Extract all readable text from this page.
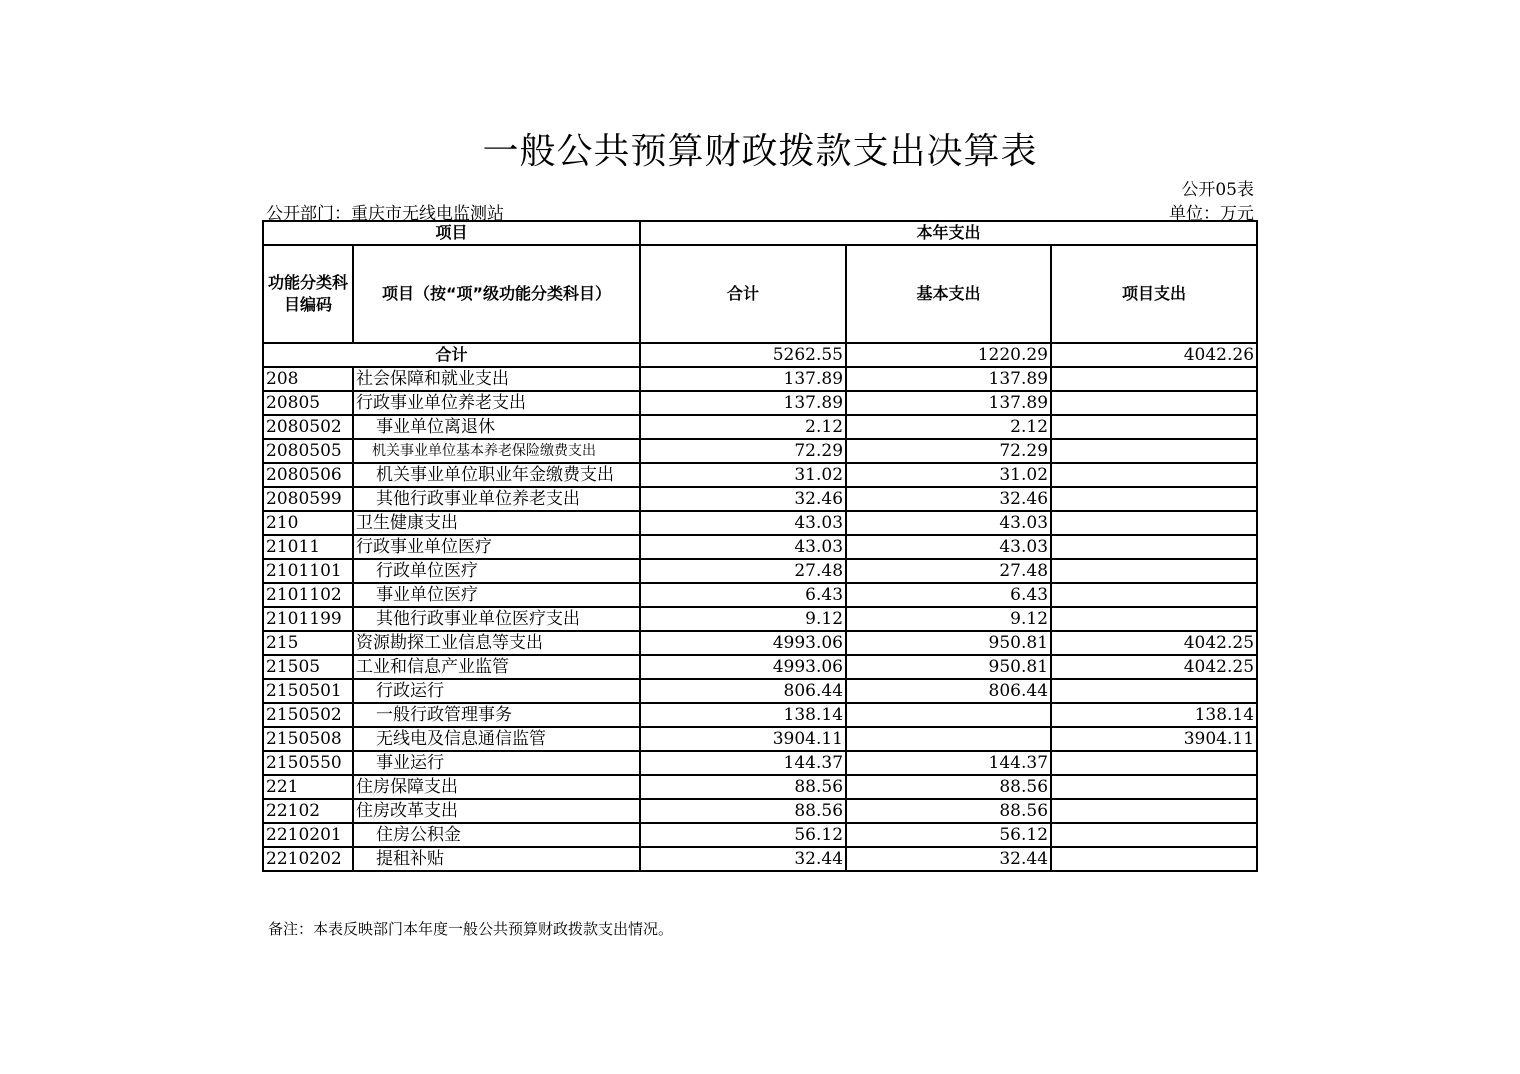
一般公共预算财政拨款支出决算表
公开05表
公开部门：重庆市无线电监测站	单位：万元
项目		本年支出		
功能分类科目编码	项目（按“项”级功能分类科目）	合计	基本支出	项目支出
合计		5262.55	1220.29	4042.26
208	社会保障和就业支出	137.89	137.89	
20805	行政事业单位养老支出	137.89	137.89	
2080502	事业单位离退休	2.12	2.12	
2080505	机关事业单位基本养老保险缴费支出	72.29	72.29	
2080506	机关事业单位职业年金缴费支出	31.02	31.02	
2080599	其他行政事业单位养老支出	32.46	32.46	
210	卫生健康支出	43.03	43.03	
21011	行政事业单位医疗	43.03	43.03	
2101101	行政单位医疗	27.48	27.48	
2101102	事业单位医疗	6.43	6.43	
2101199	其他行政事业单位医疗支出	9.12	9.12	
215	资源勘探工业信息等支出	4993.06	950.81	4042.25
21505	工业和信息产业监管	4993.06	950.81	4042.25
2150501	行政运行	806.44	806.44	
2150502	一般行政管理事务	138.14		138.14
2150508	无线电及信息通信监管	3904.11		3904.11
2150550	事业运行	144.37	144.37	
221	住房保障支出	88.56	88.56	
22102	住房改革支出	88.56	88.56	
2210201	住房公积金	56.12	56.12	
2210202	提租补贴	32.44	32.44	
备注：本表反映部门本年度一般公共预算财政拨款支出情况。
